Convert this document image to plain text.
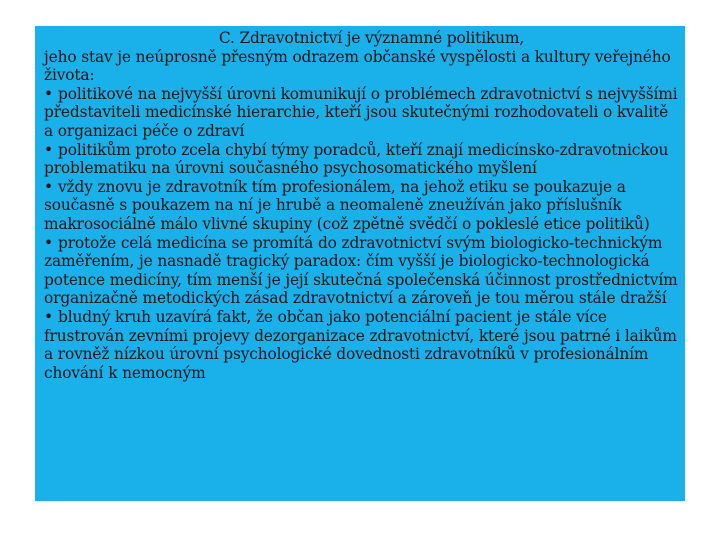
C. Zdravotnictví je významné politikum,

jeho stav je neúprosně přesným odrazem občanské vyspělosti a kultury veřejného života:

• politikové na nejvyšší úrovni komunikují o problémech zdravotnictví s nejvyššími představiteli medicínské hierarchie, kteří jsou skutečnými rozhodovateli o kvalitě a organizaci péče o zdraví
• politikům proto zcela chybí týmy poradců, kteří znají medicínsko-zdravotnickou problematiku na úrovni současného psychosomatického myšlení
• vždy znovu je zdravotník tím profesionálem, na jehož etiku se poukazuje a současně s poukazem na ní je hrubě a neomaleně zneužíván jako příslušník makrosociálně málo vlivné skupiny (což zpětně svědčí o pokleslé etice politiků)
• protože celá medicína se promítá do zdravotnictví svým biologicko-technickým zaměřením, je nasnadě tragický paradox: čím vyšší je biologicko-technologická potence medicíny, tím menší je její skutečná společenská účinnost prostřednictvím organizačně metodických zásad zdravotnictví a zároveň je tou měrou stále dražší
• bludný kruh uzavírá fakt, že občan jako potenciální pacient je stále více frustrován zevními projevy dezorganizace zdravotnictví, které jsou patrné i laikům a rovněž nízkou úrovní psychologické dovednosti zdravotníků v profesionálním chování k nemocným
